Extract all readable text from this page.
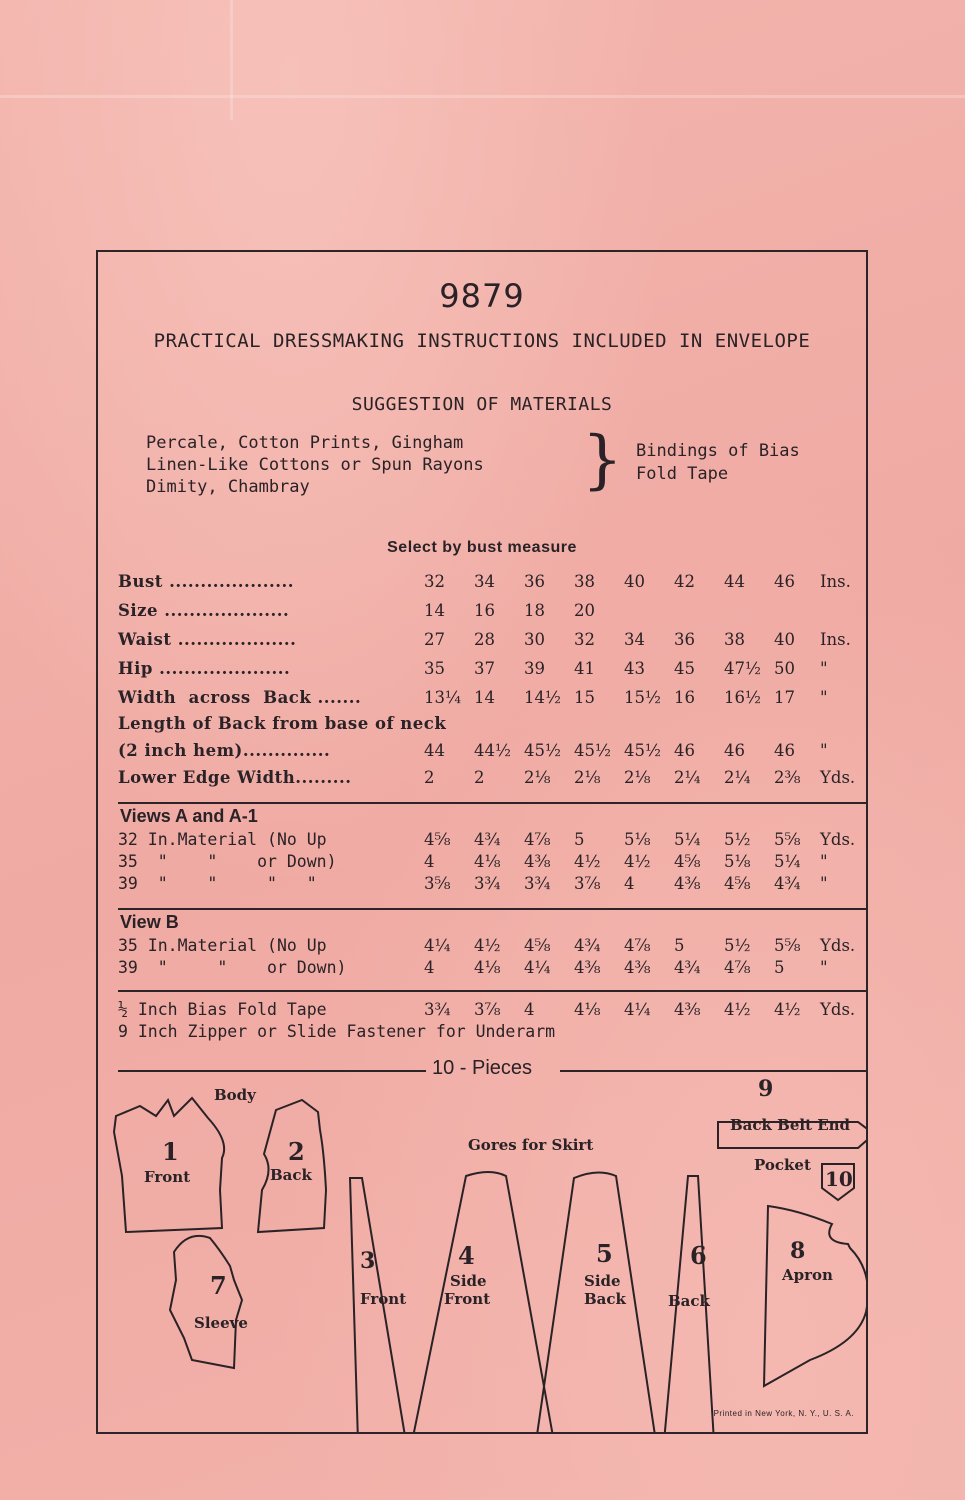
9879
PRACTICAL DRESSMAKING INSTRUCTIONS INCLUDED IN ENVELOPE
SUGGESTION OF MATERIALS
Percale, Cotton Prints, Gingham
Linen-Like Cottons or Spun Rayons
Dimity, Chambray	} Bindings of Bias
Fold Tape
Select by bust measure
Bust ....................	32	34	36	38	40	42	44	46	Ins.
Size ....................	14	16	18	20
Waist ...................	27	28	30	32	34	36	38	40	Ins.
Hip .....................	35	37	39	41	43	45	47½ 50	"
Width  across  Back .......	13¼ 14	14½ 15	15½ 16	16½ 17	"
Length of Back from base of neck
(2 inch hem)..............	44	44½ 45½ 45½ 45½ 46	46	46	"
Lower Edge Width.........	2	2	2⅛	2⅛	2⅛	2¼	2¼	2⅜	Yds.
Views A and A-1
32 In.Material (No Up	4⅝ 4¾ 4⅞ 5 5⅛ 5¼ 5½ 5⅝ Yds.
35  "    "    or Down)	4 4⅛ 4⅜ 4½ 4½ 4⅝ 5⅛ 5¼ "
39  "    "     "   "	3⅝ 3¾ 3¾ 3⅞ 4 4⅜ 4⅝ 4¾ "
View B
35 In.Material (No Up	4¼ 4½ 4⅝ 4¾ 4⅞ 5 5½ 5⅝ Yds.
39  "     "    or Down)	4 4⅛ 4¼ 4⅜ 4⅜ 4¾ 4⅞ 5 "
½ Inch Bias Fold Tape	3¾ 3⅞ 4 4⅛ 4¼ 4⅜ 4½ 4½ Yds.
9 Inch Zipper or Slide Fastener for Underarm
10 - Pieces
Body
Gores for Skirt
1
Front
2
Back
3
Front
4
Side
Front
5
Side
Back
6
Back
7
Sleeve
8
Apron
9
Back Belt End
10
Pocket
Printed in New York, N. Y., U. S. A.
